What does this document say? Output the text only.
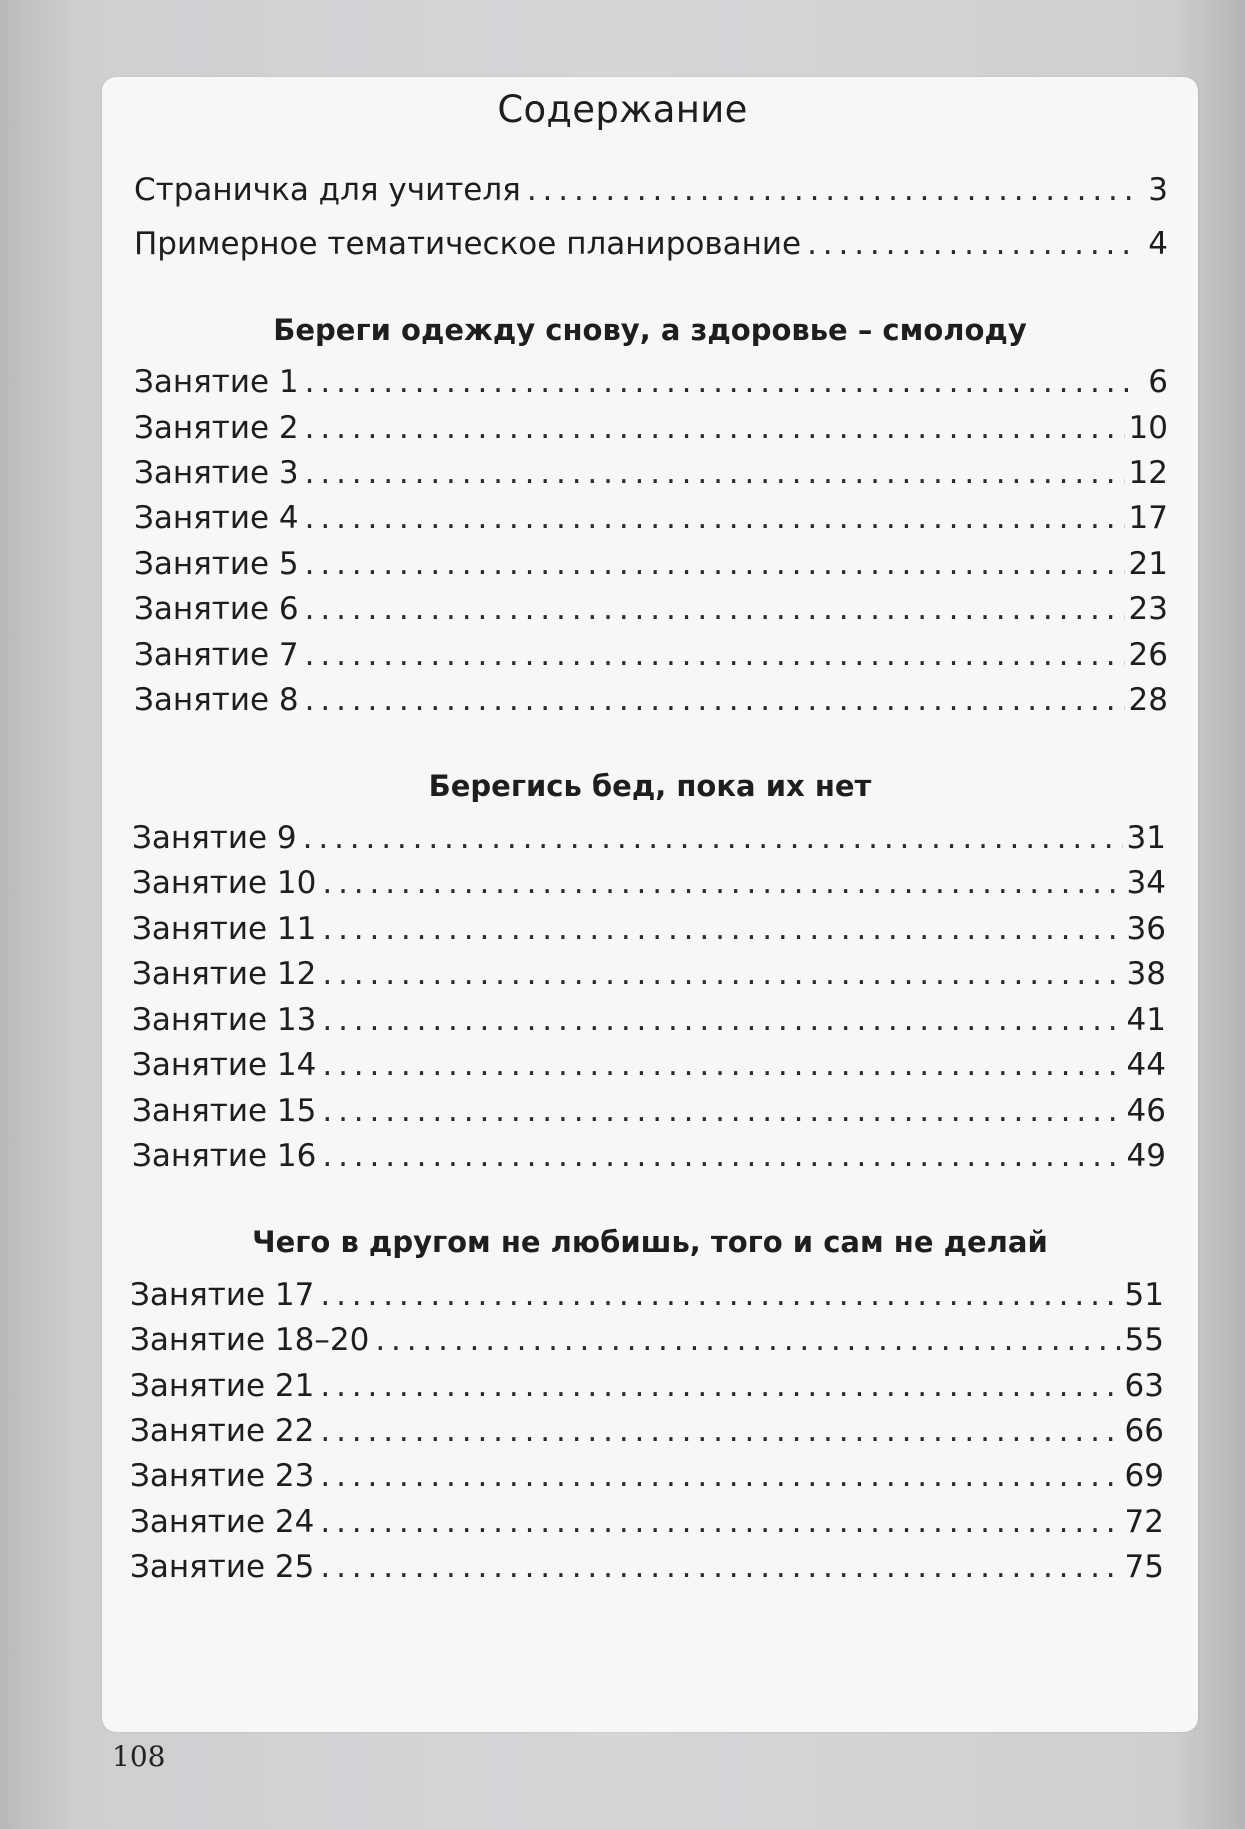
Содержание
Страничка для учителя . . .	3
Примерное тематическое планирование . . .	4
Береги одежду снову, а здоровье – смолоду
Занятие 1 . . .	6
Занятие 2 . . .	10
Занятие 3 . . .	12
Занятие 4 . . .	17
Занятие 5 . . .	21
Занятие 6 . . .	23
Занятие 7 . . .	26
Занятие 8 . . .	28
Берегись бед, пока их нет
Занятие 9 . . .	31
Занятие 10 . . .	34
Занятие 11 . . .	36
Занятие 12 . . .	38
Занятие 13 . . .	41
Занятие 14 . . .	44
Занятие 15 . . .	46
Занятие 16 . . .	49
Чего в другом не любишь, того и сам не делай
Занятие 17 . . .	51
Занятие 18–20 . . .	55
Занятие 21 . . .	63
Занятие 22 . . .	66
Занятие 23 . . .	69
Занятие 24 . . .	72
Занятие 25 . . .	75
108
